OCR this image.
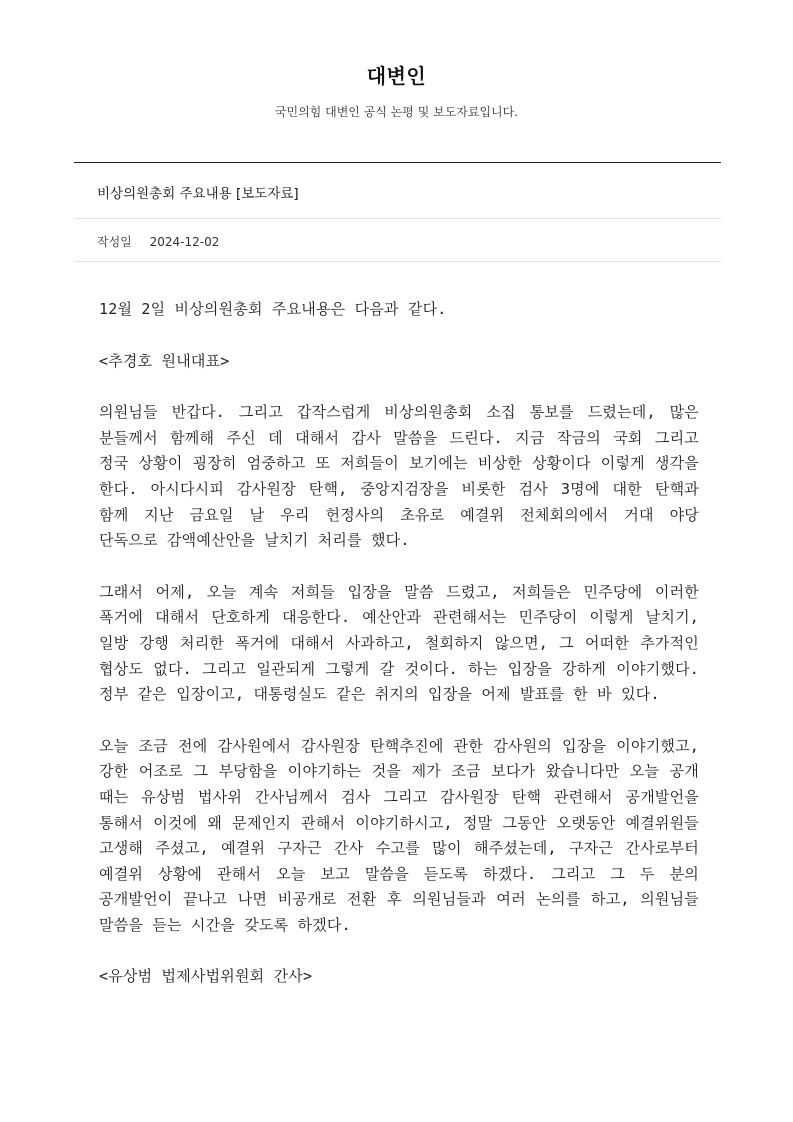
대변인
국민의힘 대변인 공식 논평 및 보도자료입니다.
비상의원총회 주요내용 [보도자료]
작성일 2024-12-02

12월 2일 비상의원총회 주요내용은 다음과 같다.

<추경호 원내대표>

의원님들 반갑다. 그리고 갑작스럽게 비상의원총회 소집 통보를 드렸는데, 많은 분들께서 함께해 주신 데 대해서 감사 말씀을 드린다. 지금 작금의 국회 그리고 정국 상황이 굉장히 엄중하고 또 저희들이 보기에는 비상한 상황이다 이렇게 생각을 한다. 아시다시피 감사원장 탄핵, 중앙지검장을 비롯한 검사 3명에 대한 탄핵과 함께 지난 금요일 날 우리 헌정사의 초유로 예결위 전체회의에서 거대 야당 단독으로 감액예산안을 날치기 처리를 했다.

그래서 어제, 오늘 계속 저희들 입장을 말씀 드렸고, 저희들은 민주당에 이러한 폭거에 대해서 단호하게 대응한다. 예산안과 관련해서는 민주당이 이렇게 날치기, 일방 강행 처리한 폭거에 대해서 사과하고, 철회하지 않으면, 그 어떠한 추가적인 협상도 없다. 그리고 일관되게 그렇게 갈 것이다. 하는 입장을 강하게 이야기했다. 정부 같은 입장이고, 대통령실도 같은 취지의 입장을 어제 발표를 한 바 있다.

오늘 조금 전에 감사원에서 감사원장 탄핵추진에 관한 감사원의 입장을 이야기했고, 강한 어조로 그 부당함을 이야기하는 것을 제가 조금 보다가 왔습니다만 오늘 공개 때는 유상범 법사위 간사님께서 검사 그리고 감사원장 탄핵 관련해서 공개발언을 통해서 이것에 왜 문제인지 관해서 이야기하시고, 정말 그동안 오랫동안 예결위원들 고생해 주셨고, 예결위 구자근 간사 수고를 많이 해주셨는데, 구자근 간사로부터 예결위 상황에 관해서 오늘 보고 말씀을 듣도록 하겠다. 그리고 그 두 분의 공개발언이 끝나고 나면 비공개로 전환 후 의원님들과 여러 논의를 하고, 의원님들 말씀을 듣는 시간을 갖도록 하겠다.

<유상범 법제사법위원회 간사>
